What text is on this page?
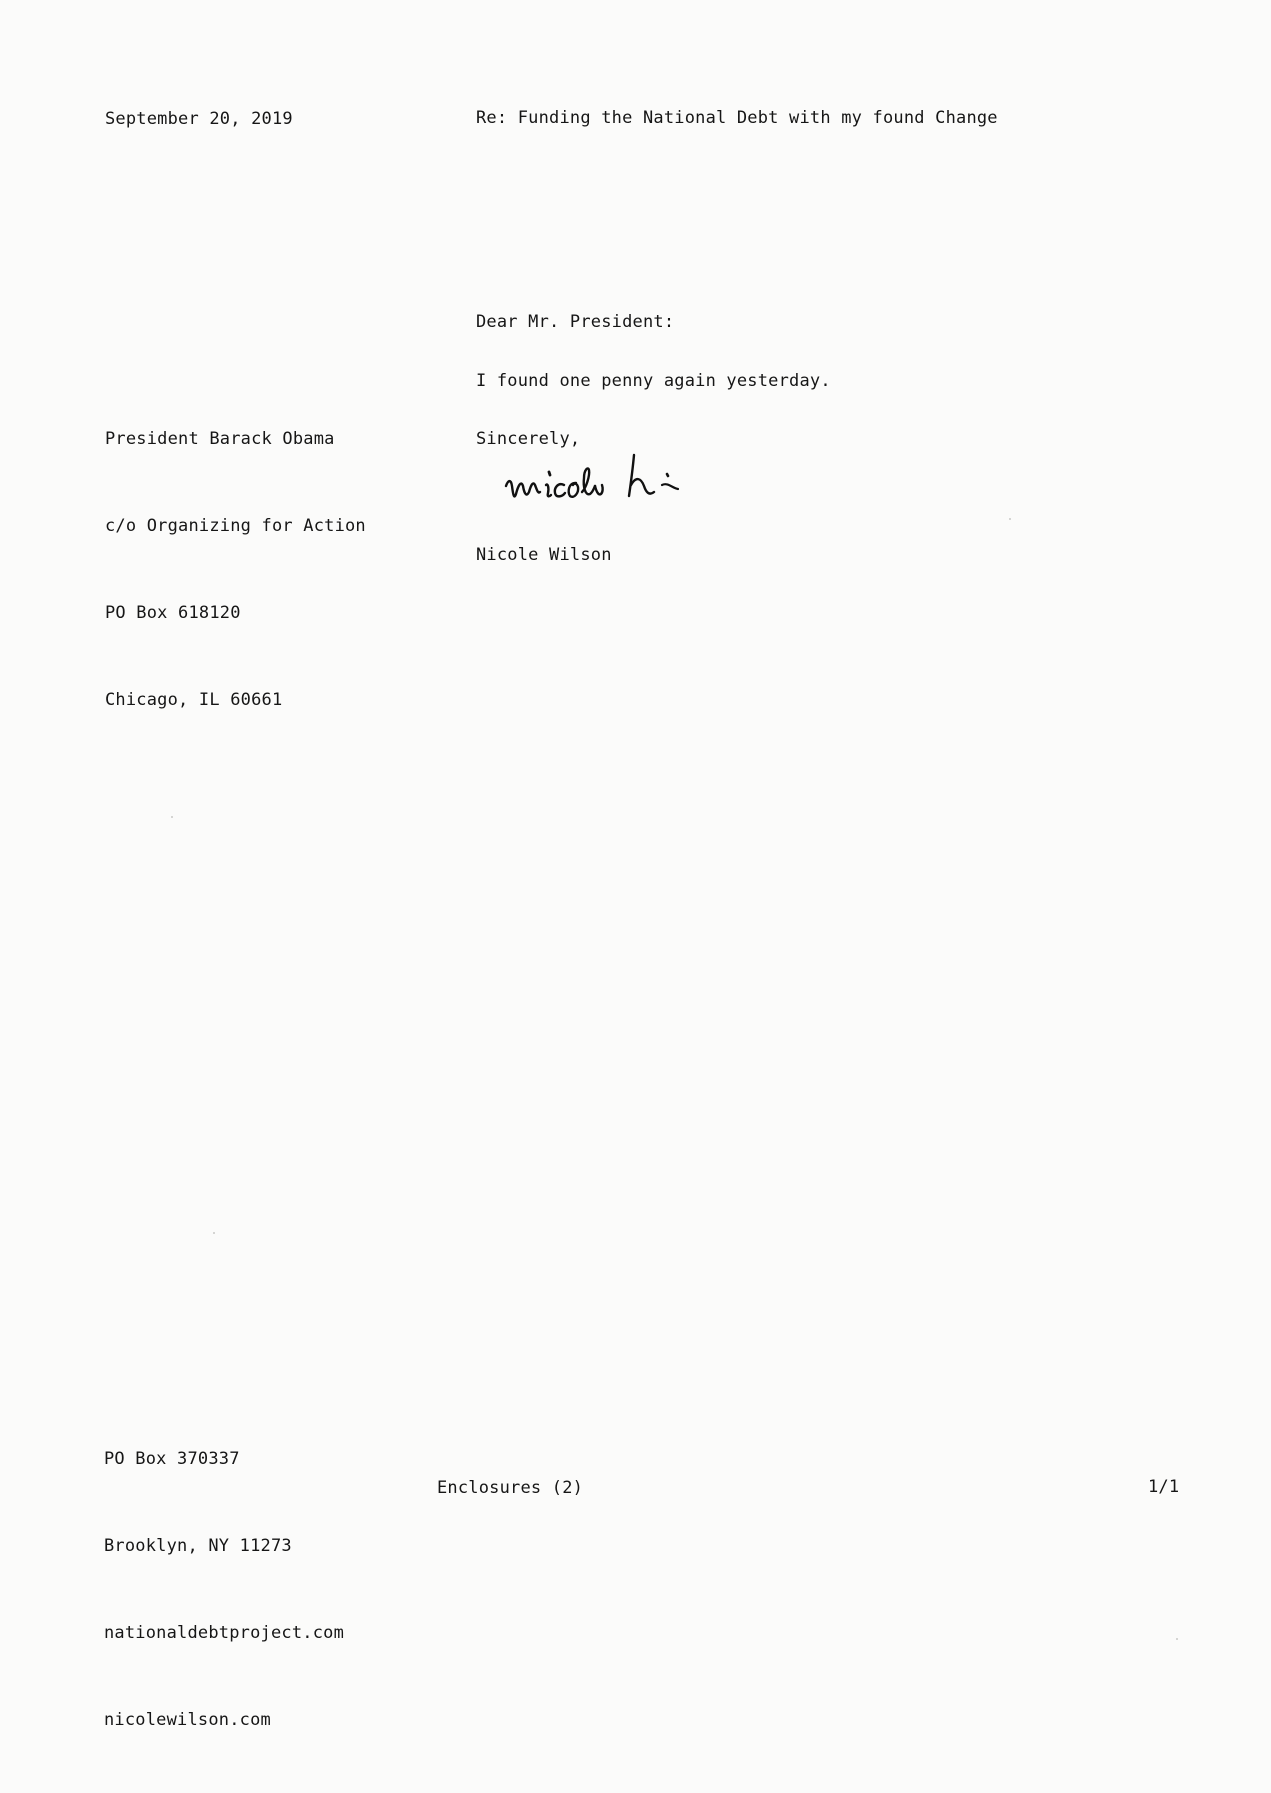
September 20, 2019	Re: Funding the National Debt with my found Change
Dear Mr. President:

President Barack Obama

c/o Organizing for Action

PO Box 618120

Chicago, IL 60661

I found one penny again yesterday.
Sincerely,
Nicole Wilson

PO Box 370337

Brooklyn, NY 11273

nationaldebtproject.com

nicolewilson.com

Enclosures (2)	1/1
